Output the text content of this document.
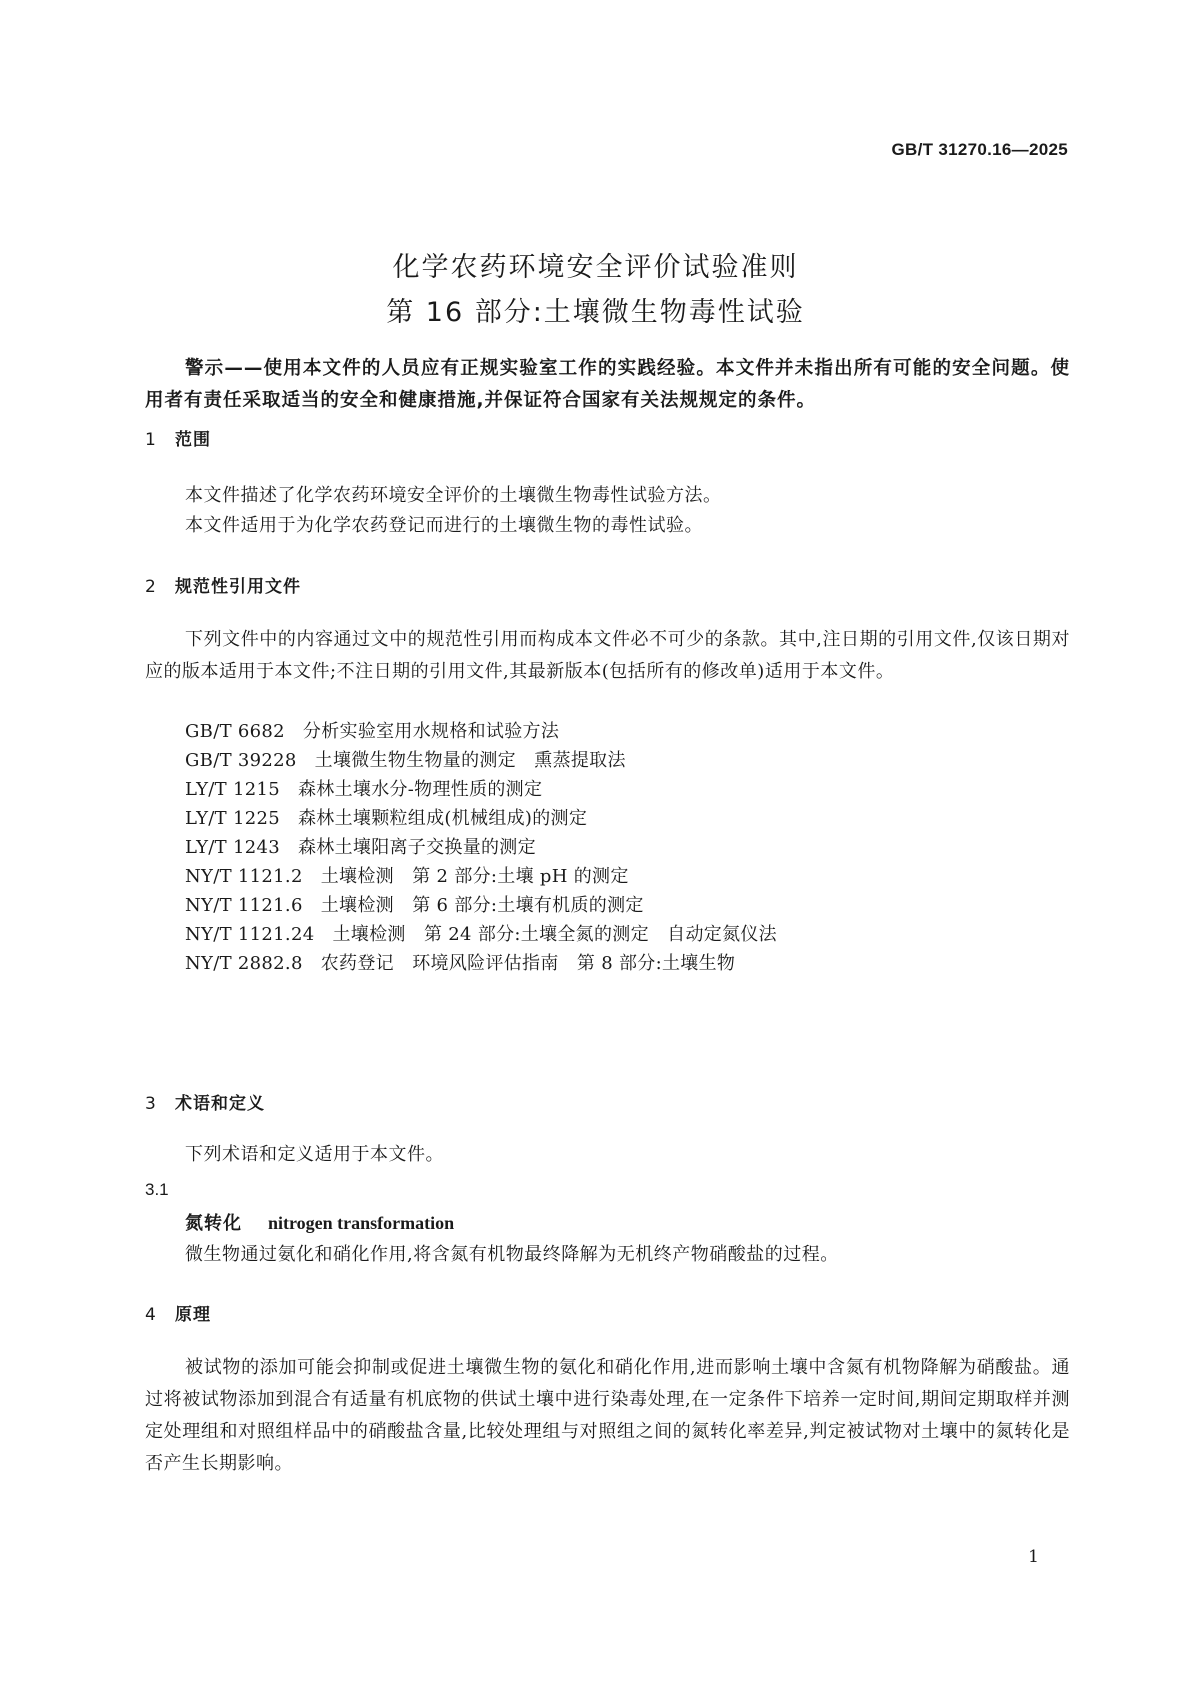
GB/T 31270.16—2025
化学农药环境安全评价试验准则
第 16 部分:土壤微生物毒性试验
警示——使用本文件的人员应有正规实验室工作的实践经验。本文件并未指出所有可能的安全问题。使用者有责任采取适当的安全和健康措施,并保证符合国家有关法规规定的条件。
1 范围
本文件描述了化学农药环境安全评价的土壤微生物毒性试验方法。
本文件适用于为化学农药登记而进行的土壤微生物的毒性试验。
2 规范性引用文件
下列文件中的内容通过文中的规范性引用而构成本文件必不可少的条款。其中,注日期的引用文件,仅该日期对应的版本适用于本文件;不注日期的引用文件,其最新版本(包括所有的修改单)适用于本文件。
GB/T 6682 分析实验室用水规格和试验方法
GB/T 39228 土壤微生物生物量的测定　熏蒸提取法
LY/T 1215 森林土壤水分-物理性质的测定
LY/T 1225 森林土壤颗粒组成(机械组成)的测定
LY/T 1243 森林土壤阳离子交换量的测定
NY/T 1121.2 土壤检测　第 2 部分:土壤 pH 的测定
NY/T 1121.6 土壤检测　第 6 部分:土壤有机质的测定
NY/T 1121.24 土壤检测　第 24 部分:土壤全氮的测定　自动定氮仪法
NY/T 2882.8 农药登记　环境风险评估指南　第 8 部分:土壤生物
3 术语和定义
下列术语和定义适用于本文件。
3.1
氮转化 nitrogen transformation
微生物通过氨化和硝化作用,将含氮有机物最终降解为无机终产物硝酸盐的过程。
4 原理
被试物的添加可能会抑制或促进土壤微生物的氨化和硝化作用,进而影响土壤中含氮有机物降解为硝酸盐。通过将被试物添加到混合有适量有机底物的供试土壤中进行染毒处理,在一定条件下培养一定时间,期间定期取样并测定处理组和对照组样品中的硝酸盐含量,比较处理组与对照组之间的氮转化率差异,判定被试物对土壤中的氮转化是否产生长期影响。
1
